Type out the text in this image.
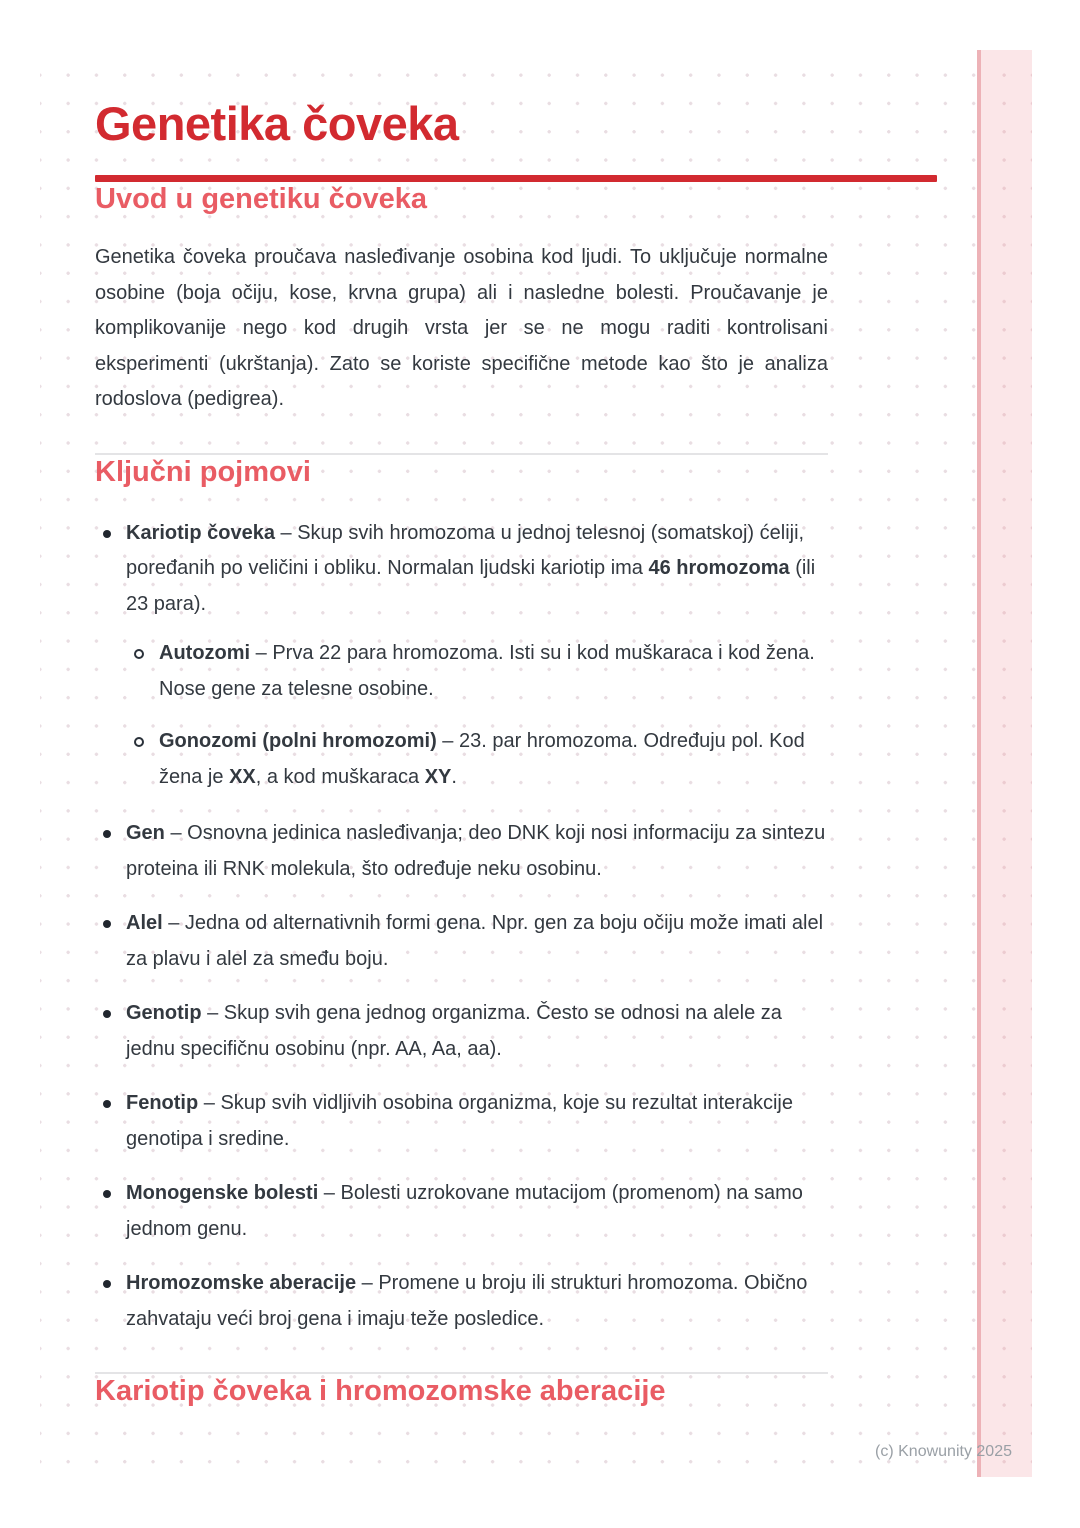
Genetika čoveka
Uvod u genetiku čoveka

Genetika čoveka proučava nasleđivanje osobina kod ljudi. To uključuje normalne osobine (boja očiju, kose, krvna grupa) ali i nasledne bolesti. Proučavanje je komplikovanije nego kod drugih vrsta jer se ne mogu raditi kontrolisani eksperimenti (ukrštanja). Zato se koriste specifične metode kao što je analiza rodoslova (pedigrea).

Ključni pojmovi
Kariotip čoveka – Skup svih hromozoma u jednoj telesnoj (somatskoj) ćeliji, poređanih po veličini i obliku. Normalan ljudski kariotip ima 46 hromozoma (ili 23 para).
Autozomi – Prva 22 para hromozoma. Isti su i kod muškaraca i kod žena. Nose gene za telesne osobine.
Gonozomi (polni hromozomi) – 23. par hromozoma. Određuju pol. Kod žena je XX, a kod muškaraca XY.
Gen – Osnovna jedinica nasleđivanja; deo DNK koji nosi informaciju za sintezu proteina ili RNK molekula, što određuje neku osobinu.
Alel – Jedna od alternativnih formi gena. Npr. gen za boju očiju može imati alel za plavu i alel za smeđu boju.
Genotip – Skup svih gena jednog organizma. Često se odnosi na alele za jednu specifičnu osobinu (npr. AA, Aa, aa).
Fenotip – Skup svih vidljivih osobina organizma, koje su rezultat interakcije genotipa i sredine.
Monogenske bolesti – Bolesti uzrokovane mutacijom (promenom) na samo jednom genu.
Hromozomske aberacije – Promene u broju ili strukturi hromozoma. Obično zahvataju veći broj gena i imaju teže posledice.
Kariotip čoveka i hromozomske aberacije
(c) Knowunity 2025
